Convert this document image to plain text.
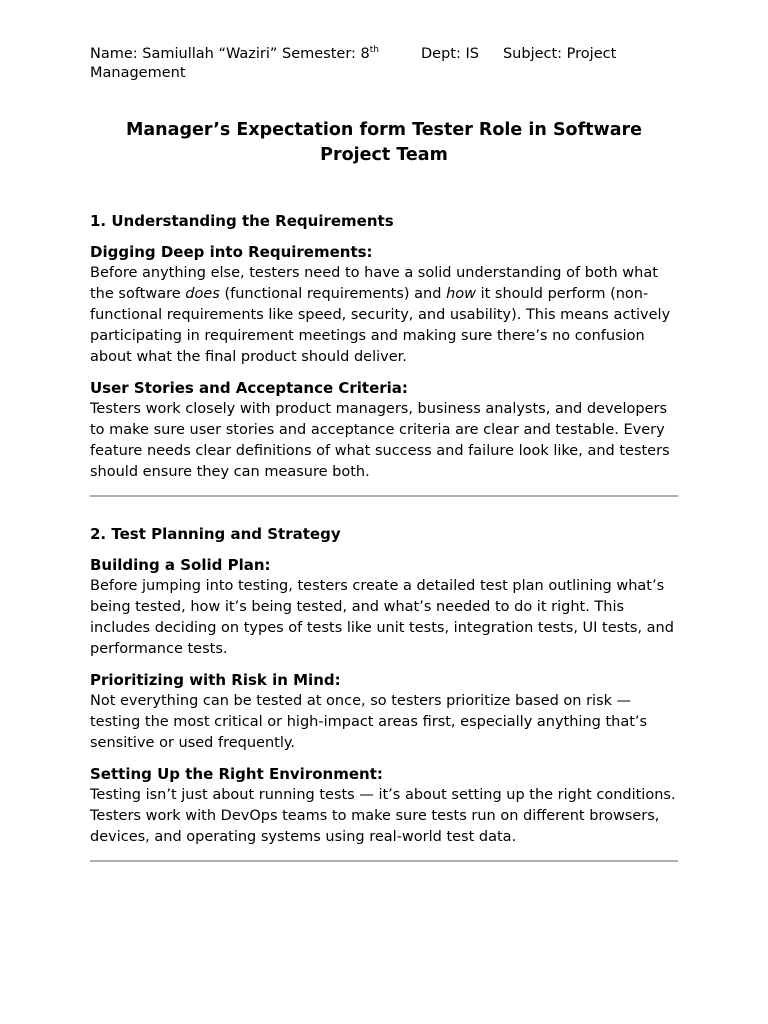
Name: Samiullah “Waziri” Semester: 8th	Dept: IS Subject: Project
Management

Manager’s Expectation form Tester Role in Software Project Team
1. Understanding the Requirements
Digging Deep into Requirements:

Before anything else, testers need to have a solid understanding of both what the software does (functional requirements) and how it should perform (non-functional requirements like speed, security, and usability). This means actively participating in requirement meetings and making sure there’s no confusion about what the final product should deliver.

User Stories and Acceptance Criteria:

Testers work closely with product managers, business analysts, and developers to make sure user stories and acceptance criteria are clear and testable. Every feature needs clear definitions of what success and failure look like, and testers should ensure they can measure both.

2. Test Planning and Strategy
Building a Solid Plan:

Before jumping into testing, testers create a detailed test plan outlining what’s being tested, how it’s being tested, and what’s needed to do it right. This includes deciding on types of tests like unit tests, integration tests, UI tests, and performance tests.

Prioritizing with Risk in Mind:

Not everything can be tested at once, so testers prioritize based on risk — testing the most critical or high-impact areas first, especially anything that’s sensitive or used frequently.

Setting Up the Right Environment:

Testing isn’t just about running tests — it’s about setting up the right conditions. Testers work with DevOps teams to make sure tests run on different browsers, devices, and operating systems using real-world test data.
